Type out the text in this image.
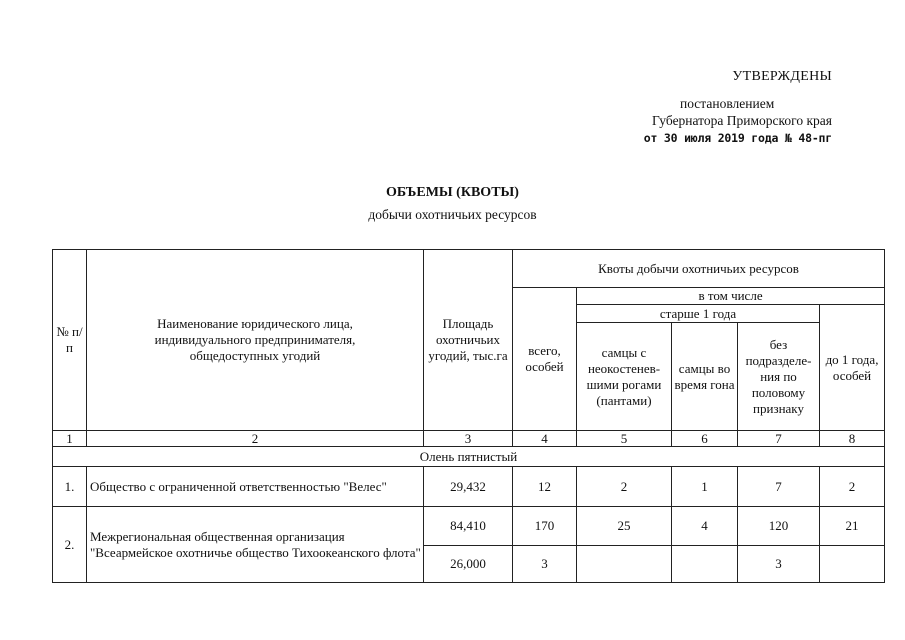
УТВЕРЖДЕНЫ
постановлением
Губернатора Приморского края
от 30 июля 2019 года № 48-пг
ОБЪЕМЫ (КВОТЫ)
добычи охотничьих ресурсов
№ п/п	Наименование юридического лица, индивидуального предпринимателя, общедоступных угодий	Площадь охотничьих угодий, тыс.га	Квоты добычи охотничьих ресурсов				
			всего, особей	в том числе			
				старше 1 года			до 1 года, особей
				самцы с неокостенев-шими рогами (пантами)	самцы во время гона	без подразделе-ния по половому признаку	
1	2	3	4	5	6	7	8
Олень пятнистый							
1.	Общество с ограниченной ответственностью "Велес"	29,432	12	2	1	7	2
2.	Межрегиональная общественная организация "Всеармейское охотничье общество Тихоокеанского флота"	84,410	170	25	4	120	21
		26,000	3			3	
